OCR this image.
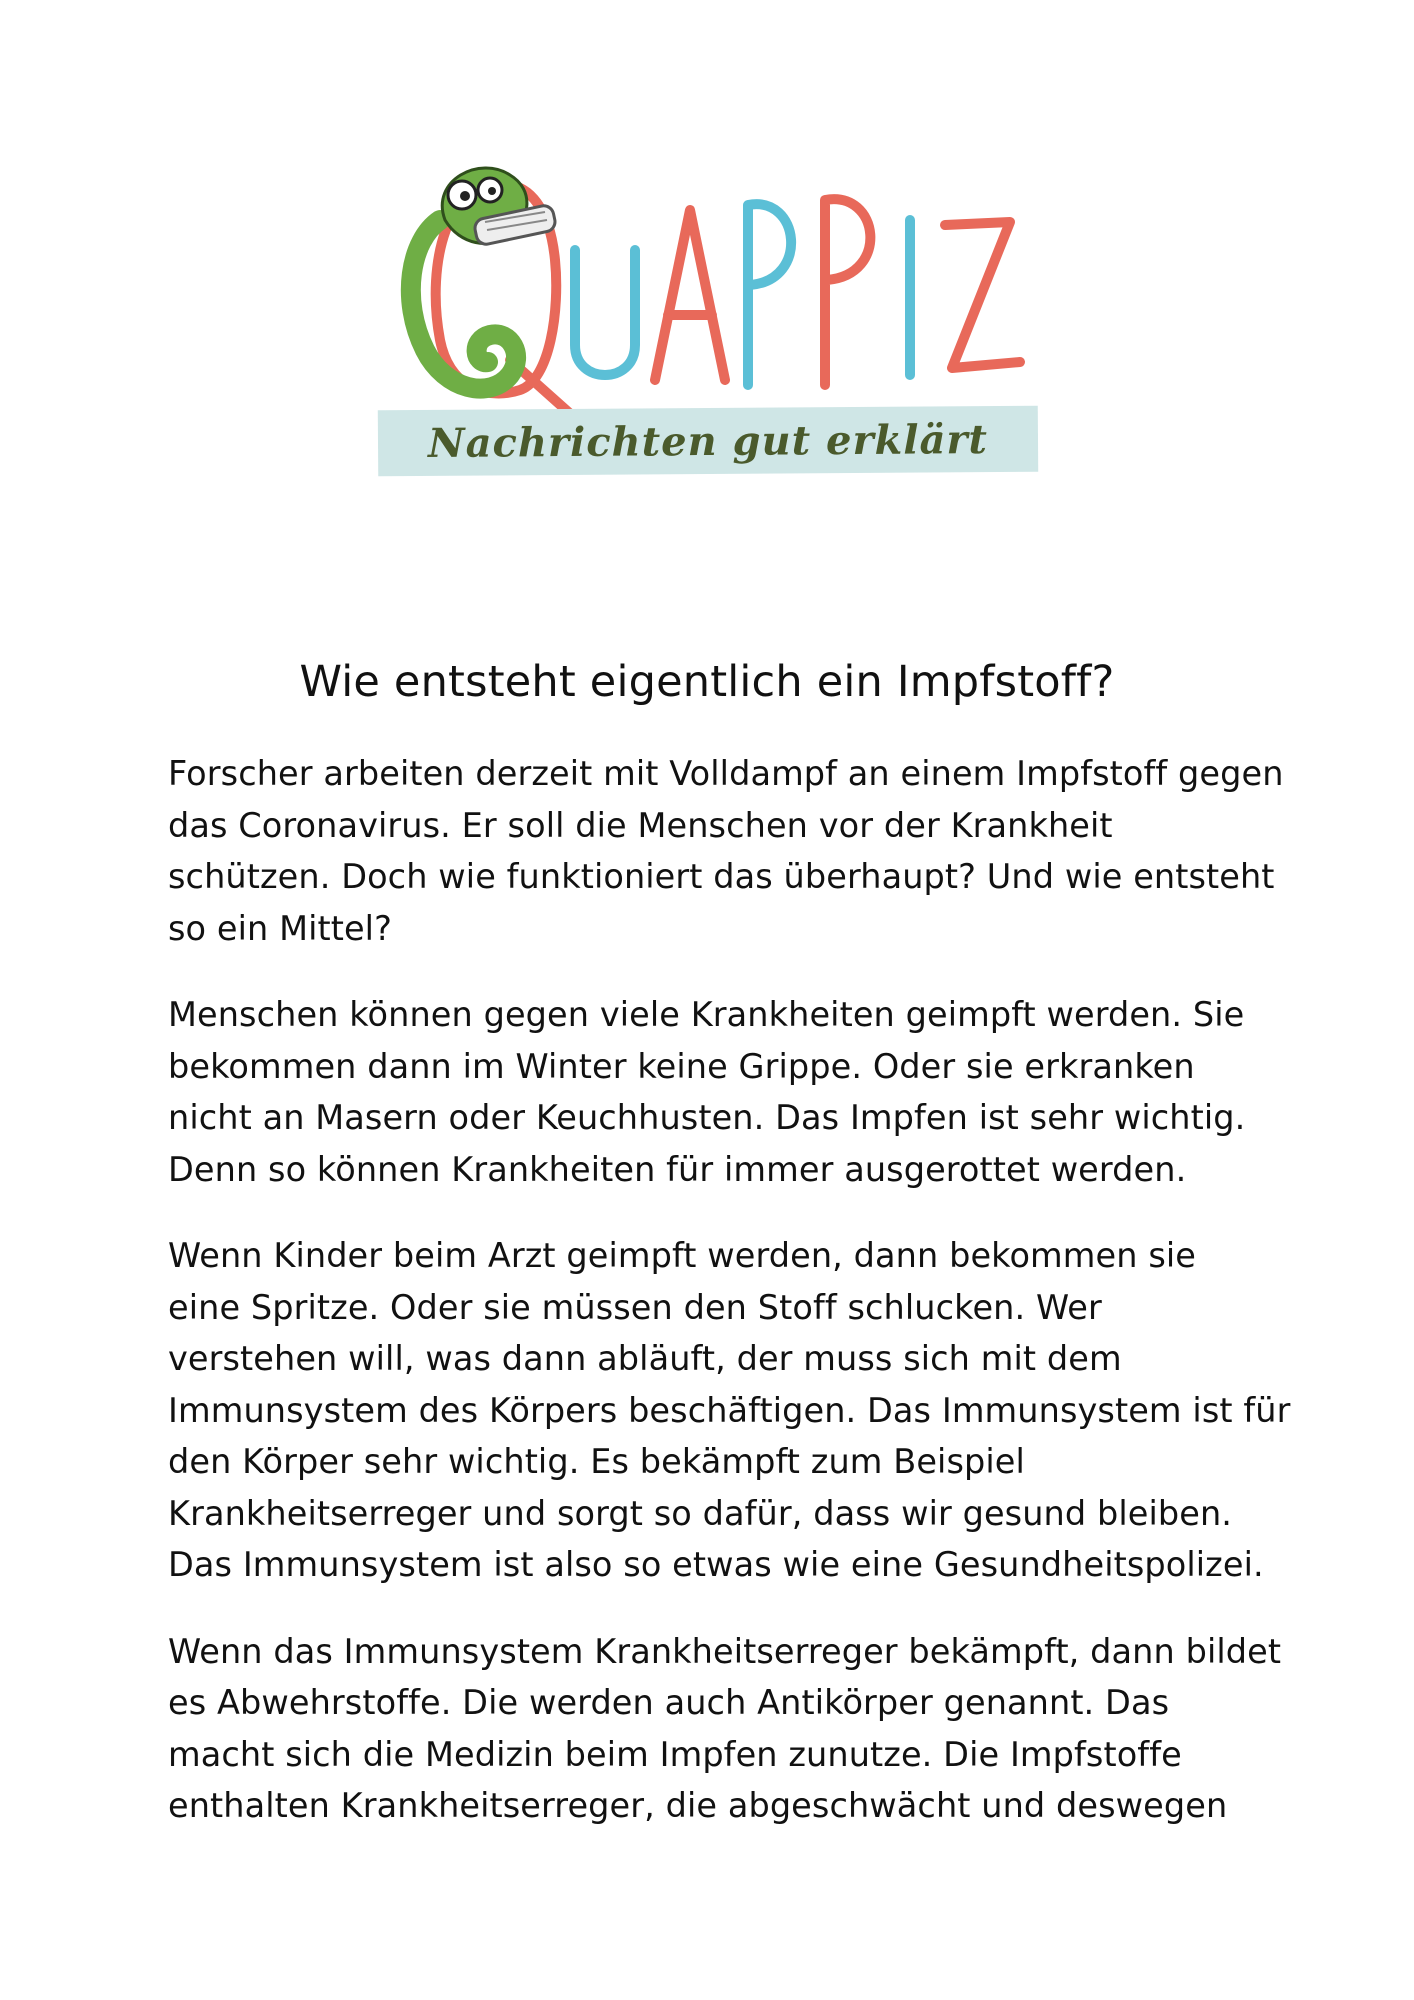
Nachrichten gut erklärt
Wie entsteht eigentlich ein Impfstoff?

Forscher arbeiten derzeit mit Volldampf an einem Impfstoff gegen
das Coronavirus. Er soll die Menschen vor der Krankheit
schützen. Doch wie funktioniert das überhaupt? Und wie entsteht
so ein Mittel?

Menschen können gegen viele Krankheiten geimpft werden. Sie
bekommen dann im Winter keine Grippe. Oder sie erkranken
nicht an Masern oder Keuchhusten. Das Impfen ist sehr wichtig.
Denn so können Krankheiten für immer ausgerottet werden.

Wenn Kinder beim Arzt geimpft werden, dann bekommen sie
eine Spritze. Oder sie müssen den Stoff schlucken. Wer
verstehen will, was dann abläuft, der muss sich mit dem
Immunsystem des Körpers beschäftigen. Das Immunsystem ist für
den Körper sehr wichtig. Es bekämpft zum Beispiel
Krankheitserreger und sorgt so dafür, dass wir gesund bleiben.
Das Immunsystem ist also so etwas wie eine Gesundheitspolizei.

Wenn das Immunsystem Krankheitserreger bekämpft, dann bildet
es Abwehrstoffe. Die werden auch Antikörper genannt. Das
macht sich die Medizin beim Impfen zunutze. Die Impfstoffe
enthalten Krankheitserreger, die abgeschwächt und deswegen
